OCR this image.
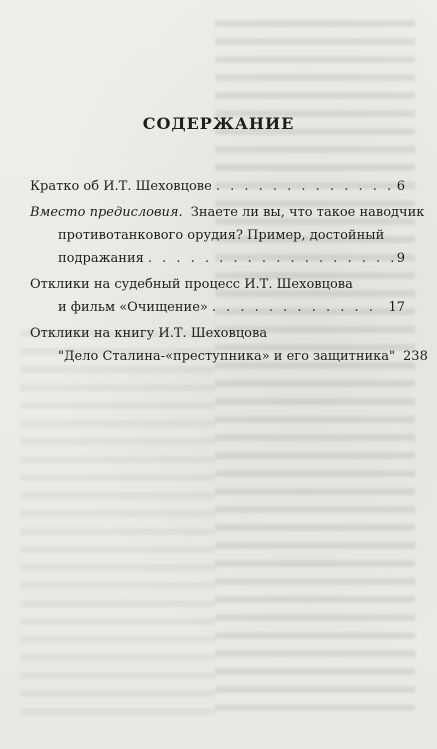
СОДЕРЖАНИЕ
Кратко об И.Т. Шеховцове . . .	6
Вместо предисловия. Знаете ли вы, что такое наводчик
противотанкового орудия? Пример, достойный
подражания . . .	9
Отклики на судебный процесс И.Т. Шеховцова
и фильм «Очищение» . . .	17
Отклики на книгу И.Т. Шеховцова
"Дело Сталина-«преступника» и его защитника" 238
